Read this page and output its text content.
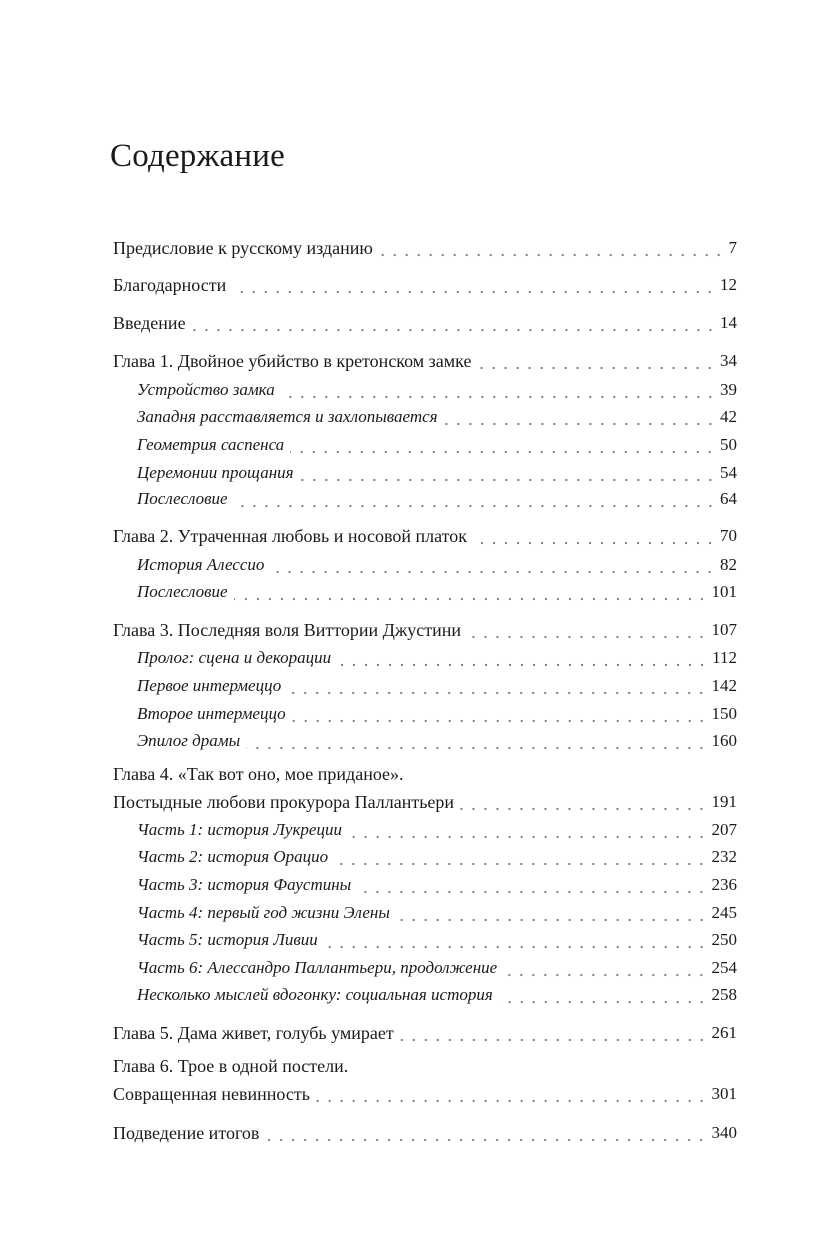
Содержание
Предисловие к русскому изданию	7
Благодарности	12
Введение	14
Глава 1. Двойное убийство в кретонском замке	34
Устройство замка	39
Западня расставляется и захлопывается	42
Геометрия саспенса	50
Церемонии прощания	54
Послесловие	64
Глава 2. Утраченная любовь и носовой платок	70
История Алессио	82
Послесловие	101
Глава 3. Последняя воля Виттории Джустини	107
Пролог: сцена и декорации	112
Первое интермеццо	142
Второе интермеццо	150
Эпилог драмы	160
Глава 4. «Так вот оно, мое приданое».
Постыдные любови прокурора Паллантьери	191
Часть 1: история Лукреции	207
Часть 2: история Орацио	232
Часть 3: история Фаустины	236
Часть 4: первый год жизни Элены	245
Часть 5: история Ливии	250
Часть 6: Алессандро Паллантьери, продолжение	254
Несколько мыслей вдогонку: социальная история	258
Глава 5. Дама живет, голубь умирает	261
Глава 6. Трое в одной постели.
Совращенная невинность	301
Подведение итогов	340
